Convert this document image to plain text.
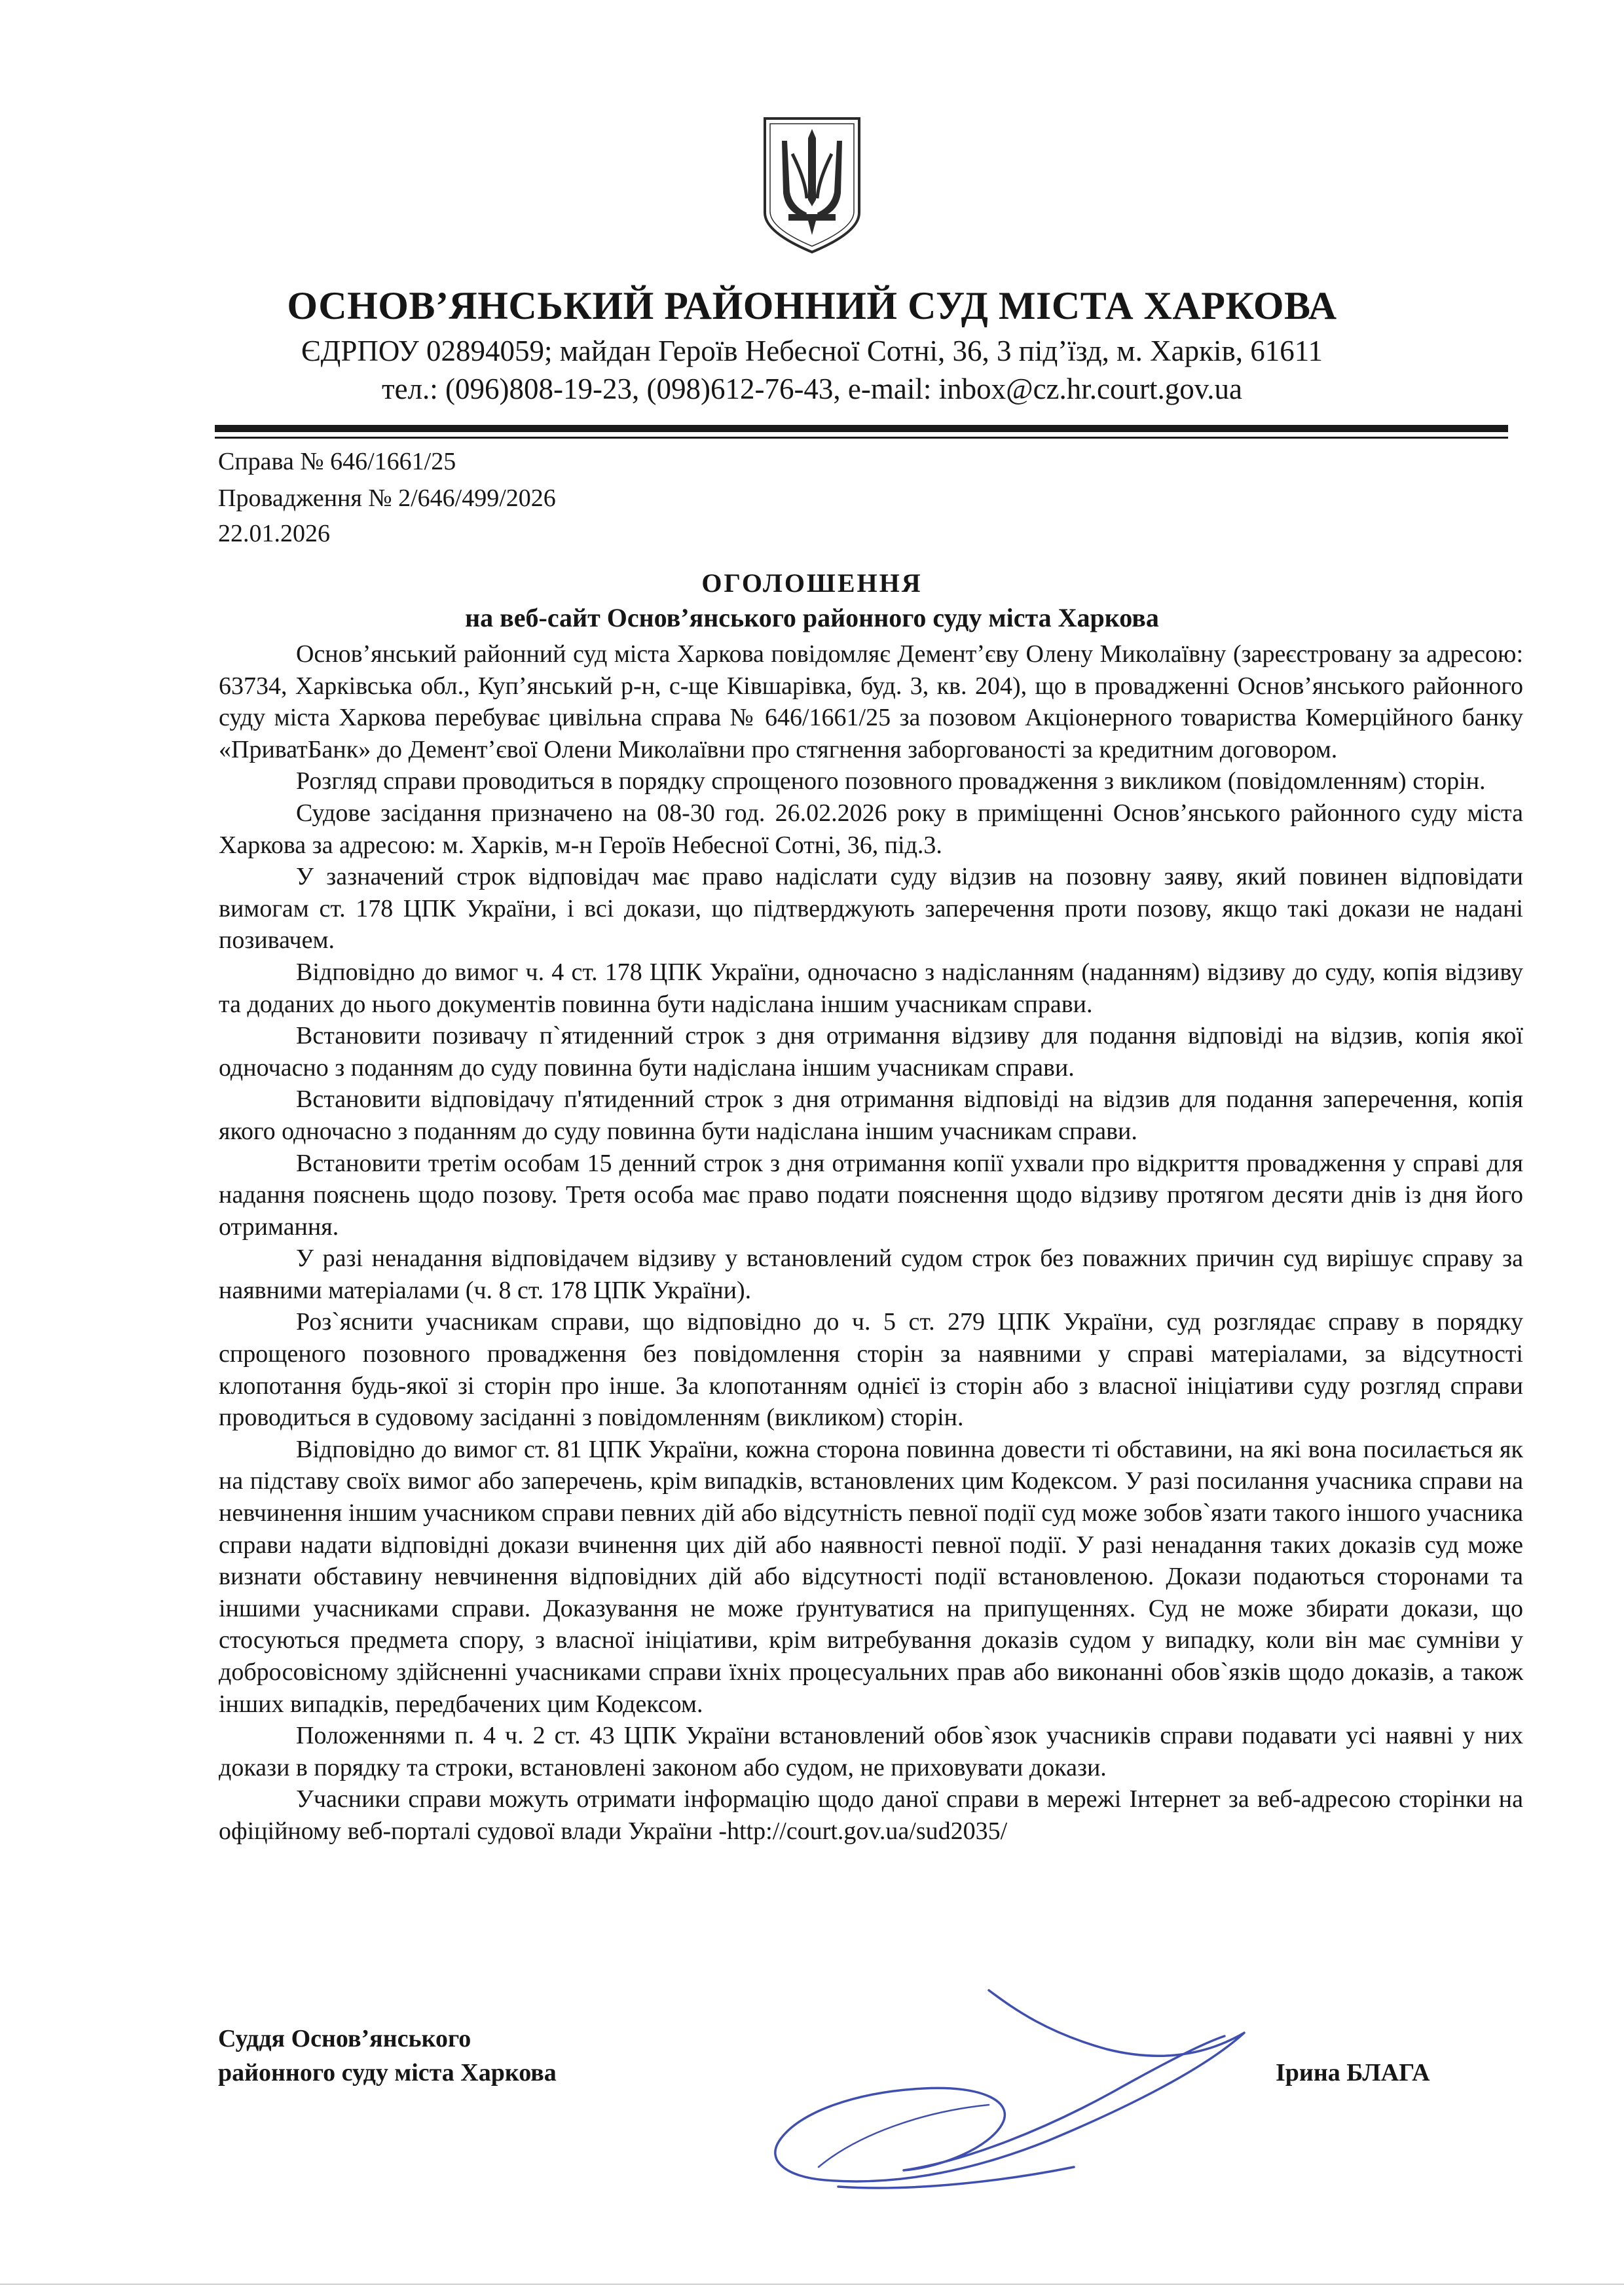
ОСНОВ’ЯНСЬКИЙ РАЙОННИЙ СУД МІСТА ХАРКОВА
ЄДРПОУ 02894059; майдан Героїв Небесної Сотні, 36, 3 під’їзд, м. Харків, 61611
тел.: (096)808-19-23, (098)612-76-43, e-mail: inbox@cz.hr.court.gov.ua
Справа № 646/1661/25
Провадження № 2/646/499/2026
22.01.2026
ОГОЛОШЕННЯ
на веб-сайт Основ’янського районного суду міста Харкова

Основ’янський районний суд міста Харкова повідомляє Дементʼєву Олену Миколаївну (зареєстровану за адресою: 63734, Харківська обл., Куп’янський р-н, с-ще Ківшарівка, буд. 3, кв. 204), що в провадженні Основ’янського районного суду міста Харкова перебуває цивільна справа № 646/1661/25 за позовом Акціонерного товариства Комерційного банку «ПриватБанк» до Дементʼєвої Олени Миколаївни про стягнення заборгованості за кредитним договором.

Розгляд справи проводиться в порядку спрощеного позовного провадження з викликом (повідомленням) сторін.

Судове засідання призначено на 08-30 год. 26.02.2026 року в приміщенні Основ’янського районного суду міста Харкова за адресою: м. Харків, м-н Героїв Небесної Сотні, 36, під.3.

У зазначений строк відповідач має право надіслати суду відзив на позовну заяву, який повинен відповідати вимогам ст. 178 ЦПК України, і всі докази, що підтверджують заперечення проти позову, якщо такі докази не надані позивачем.

Відповідно до вимог ч. 4 ст. 178 ЦПК України, одночасно з надісланням (наданням) відзиву до суду, копія відзиву та доданих до нього документів повинна бути надіслана іншим учасникам справи.

Встановити позивачу п`ятиденний строк з дня отримання відзиву для подання відповіді на відзив, копія якої одночасно з поданням до суду повинна бути надіслана іншим учасникам справи.

Встановити відповідачу п'ятиденний строк з дня отримання відповіді на відзив для подання заперечення, копія якого одночасно з поданням до суду повинна бути надіслана іншим учасникам справи.

Встановити третім особам 15 денний строк з дня отримання копії ухвали про відкриття провадження у справі для надання пояснень щодо позову. Третя особа має право подати пояснення щодо відзиву протягом десяти днів із дня його отримання.

У разі ненадання відповідачем відзиву у встановлений судом строк без поважних причин суд вирішує справу за наявними матеріалами (ч. 8 ст. 178 ЦПК України).

Роз`яснити учасникам справи, що відповідно до ч. 5 ст. 279 ЦПК України, суд розглядає справу в порядку спрощеного позовного провадження без повідомлення сторін за наявними у справі матеріалами, за відсутності клопотання будь-якої зі сторін про інше. За клопотанням однієї із сторін або з власної ініціативи суду розгляд справи проводиться в судовому засіданні з повідомленням (викликом) сторін.

Відповідно до вимог ст. 81 ЦПК України, кожна сторона повинна довести ті обставини, на які вона посилається як на підставу своїх вимог або заперечень, крім випадків, встановлених цим Кодексом. У разі посилання учасника справи на невчинення іншим учасником справи певних дій або відсутність певної події суд може зобов`язати такого іншого учасника справи надати відповідні докази вчинення цих дій або наявності певної події. У разі ненадання таких доказів суд може визнати обставину невчинення відповідних дій або відсутності події встановленою. Докази подаються сторонами та іншими учасниками справи. Доказування не може ґрунтуватися на припущеннях. Суд не може збирати докази, що стосуються предмета спору, з власної ініціативи, крім витребування доказів судом у випадку, коли він має сумніви у добросовісному здійсненні учасниками справи їхніх процесуальних прав або виконанні обов`язків щодо доказів, а також інших випадків, передбачених цим Кодексом.

Положеннями п. 4 ч. 2 ст. 43 ЦПК України встановлений обов`язок учасників справи подавати усі наявні у них докази в порядку та строки, встановлені законом або судом, не приховувати докази.

Учасники справи можуть отримати інформацію щодо даної справи в мережі Інтернет за веб-адресою сторінки на офіційному веб-порталі судової влади України -http://court.gov.ua/sud2035/

Суддя Основ’янського
районного суду міста Харкова	Ірина БЛАГА
